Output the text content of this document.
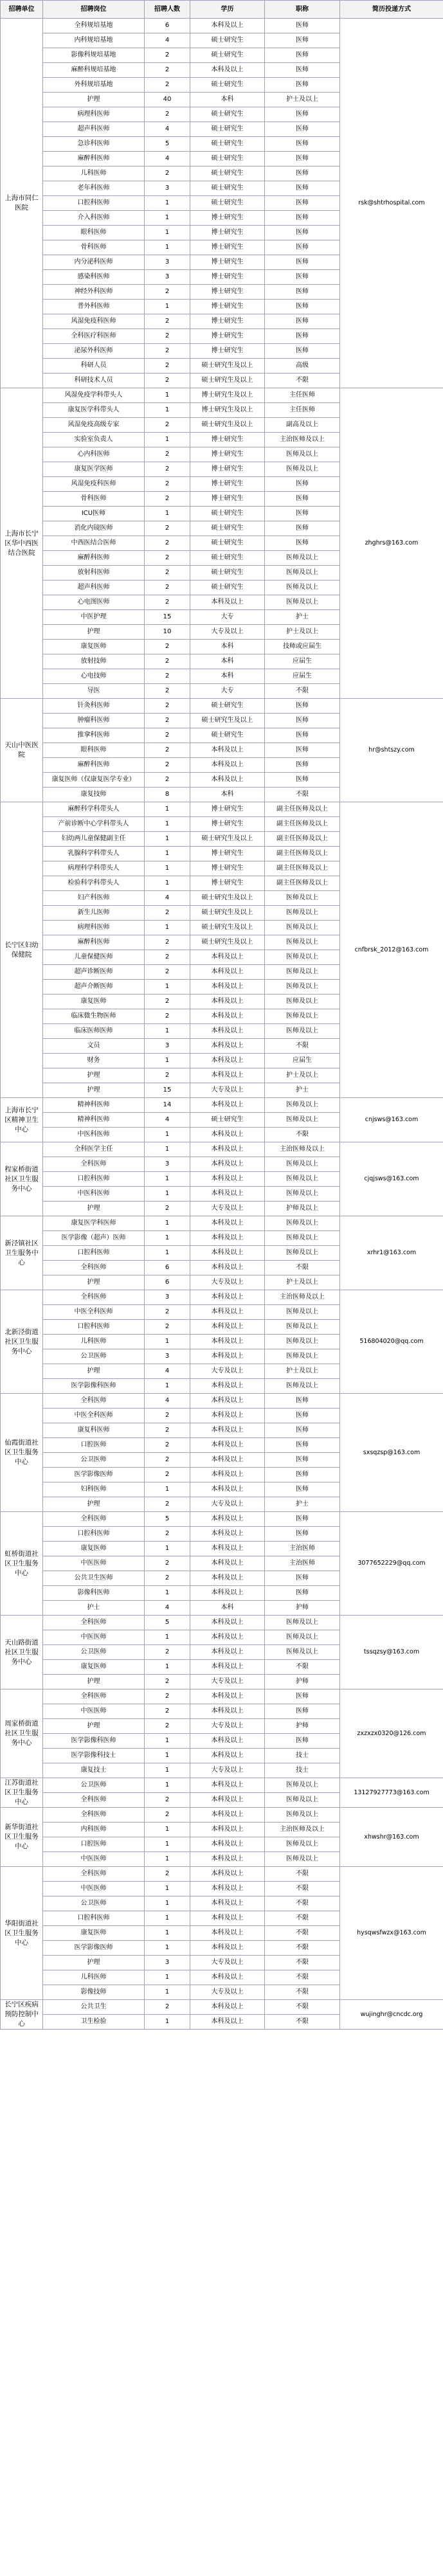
招聘单位	招聘岗位	招聘人数	学历	职称	简历投递方式
上海市同仁医院	全科规培基地	6	本科及以上	医师	rsk@shtrhospital.com
	内科规培基地	4	硕士研究生	医师	
	影像科规培基地	2	硕士研究生	医师	
	麻醉科规培基地	2	本科及以上	医师	
	外科规培基地	2	硕士研究生	医师	
	护理	40	本科	护士及以上	
	病理科医师	2	硕士研究生	医师	
	超声科医师	4	硕士研究生	医师	
	急诊科医师	5	硕士研究生	医师	
	麻醉科医师	4	硕士研究生	医师	
	儿科医师	2	硕士研究生	医师	
	老年科医师	3	硕士研究生	医师	
	口腔科医师	1	硕士研究生	医师	
	介入科医师	1	博士研究生	医师	
	眼科医师	1	博士研究生	医师	
	骨科医师	1	博士研究生	医师	
	内分泌科医师	3	博士研究生	医师	
	感染科医师	3	博士研究生	医师	
	神经外科医师	2	博士研究生	医师	
	普外科医师	1	博士研究生	医师	
	风湿免疫科医师	2	博士研究生	医师	
	全科医疗科医师	2	博士研究生	医师	
	泌尿外科医师	2	博士研究生	医师	
	科研人员	2	硕士研究生及以上	高级	
	科研技术人员	2	硕士研究生及以上	不限	
上海市长宁区华中西医结合医院	风湿免疫学科带头人	1	博士研究生及以上	主任医师	zhghrs@163.com
	康复医学科带头人	1	博士研究生及以上	主任医师	
	风湿免疫高级专家	2	硕士研究生及以上	副高及以上	
	实验室负责人	1	博士研究生	主治医师及以上	
	心内科医师	2	博士研究生	医师及以上	
	康复医学医师	2	博士研究生	医师及以上	
	风湿免疫科医师	2	博士研究生	医师	
	骨科医师	2	博士研究生	医师	
	ICU医师	1	硕士研究生	医师	
	消化内镜医师	2	硕士研究生	医师	
	中西医结合医师	2	硕士研究生	医师	
	麻醉科医师	2	硕士研究生	医师及以上	
	放射科医师	2	硕士研究生	医师及以上	
	超声科医师	2	硕士研究生	医师及以上	
	心电图医师	2	本科及以上	医师及以上	
	中医护理	15	大专	护士	
	护理	10	大专及以上	护士及以上	
	康复医师	2	本科	技师或应届生	
	放射技师	2	本科	应届生	
	心电技师	2	本科	应届生	
	导医	2	大专	不限	
天山中医医院	针灸科医师	2	硕士研究生	医师	hr@shtszy.com
	肿瘤科医师	2	硕士研究生及以上	医师	
	推拿科医师	2	硕士研究生	医师	
	眼科医师	2	本科及以上	医师	
	麻醉科医师	2	本科及以上	医师	
	康复医师（仅康复医学专业）	2	本科及以上	医师	
	康复技师	8	本科	不限	
长宁区妇幼保健院	麻醉科学科带头人	1	博士研究生	副主任医师及以上	cnfbrsk_2012@163.com
	产前诊断中心学科带头人	1	博士研究生	副主任医师及以上	
	妇幼两儿童保健副主任	1	硕士研究生及以上	副主任医师及以上	
	乳腺科学科带头人	1	博士研究生	副主任医师及以上	
	病理科学科带头人	1	博士研究生	副主任医师及以上	
	检验科学科带头人	1	博士研究生	副主任医师及以上	
	妇产科医师	4	硕士研究生及以上	医师及以上	
	新生儿医师	2	硕士研究生及以上	医师及以上	
	病理科医师	1	硕士研究生及以上	医师及以上	
	麻醉科医师	2	硕士研究生及以上	医师及以上	
	儿童保健医师	2	本科及以上	医师及以上	
	超声诊断医师	2	本科及以上	医师及以上	
	超声介断医师	1	本科及以上	医师及以上	
	康复医师	2	本科及以上	医师及以上	
	临床微生物医师	2	本科及以上	医师及以上	
	临床医师医师	1	本科及以上	医师及以上	
	文员	3	本科及以上	不限	
	财务	1	本科及以上	应届生	
	护理	2	本科及以上	护士及以上	
	护理	15	大专及以上	护士	
上海市长宁区精神卫生中心	精神科医师	14	本科及以上	医师及以上	cnjsws@163.com
	精神科医师	4	硕士研究生	医师及以上	
	中医科医师	1	本科及以上	不限	
程家桥街道社区卫生服务中心	全科医学主任	1	本科及以上	主治医师及以上	cjqjsws@163.com
	全科医师	3	本科及以上	医师及以上	
	口腔科医师	1	本科及以上	医师及以上	
	中医科医师	1	本科及以上	医师及以上	
	护理	2	大专及以上	护师及以上	
新泾镇社区卫生服务中心	康复医学科医师	1	本科及以上	医师及以上	xrhr1@163.com
	医学影像（超声）医师	1	本科及以上	医师及以上	
	口腔科医师	1	本科及以上	医师及以上	
	全科医师	6	本科及以上	不限	
	护理	6	大专及以上	护士及以上	
北新泾街道社区卫生服务中心	全科医师	3	本科及以上	主治医师及以上	516804020@qq.com
	中医全科医师	2	本科及以上	医师及以上	
	口腔科医师	2	本科及以上	医师及以上	
	儿科医师	1	本科及以上	医师及以上	
	公卫医师	3	本科及以上	医师及以上	
	护理	4	大专及以上	护士及以上	
	医学影像科医师	1	本科及以上	医师及以上	
仙霞街道社区卫生服务中心	全科医师	4	本科及以上	医师	sxsqzsp@163.com
	中医全科医师	2	本科及以上	医师	
	康复科医师	2	本科及以上	医师	
	口腔医师	2	本科及以上	医师	
	公卫医师	2	本科及以上	医师	
	医学影像医师	2	本科及以上	医师	
	妇科医师	1	本科及以上	医师	
	护理	2	大专及以上	护士	
虹桥街道社区卫生服务中心	全科医师	5	本科及以上	医师	3077652229@qq.com
	口腔科医师	2	本科及以上	医师	
	康复医师	1	本科及以上	主治医师	
	中医医师	2	本科及以上	主治医师	
	公共卫生医师	2	本科及以上	医师	
	影像科医师	1	本科及以上	医师	
	护士	4	本科	护师	
天山路街道社区卫生服务中心	全科医师	5	本科及以上	医师及以上	tssqzsy@163.com
	中医医师	1	本科及以上	医师及以上	
	公卫医师	2	本科及以上	医师及以上	
	康复医师	1	本科及以上	不限	
	护理	2	大专及以上	护师	
周家桥街道社区卫生服务中心	全科医师	2	本科及以上	医师	zxzxzx0320@126.com
	中医医师	2	本科及以上	医师	
	护理	2	大专及以上	护师	
	医学影像科医师	1	本科及以上	医师	
	医学影像科技士	1	本科及以上	技士	
	康复技士	1	大专及以上	技士	
江苏街道社区卫生服务中心	公卫医师	1	本科及以上	医师及以上	13127927773@163.com
	全科医师	2	本科及以上	医师及以上	
新华街道社区卫生服务中心	全科医师	2	本科及以上	医师及以上	xhwshr@163.com
	内科医师	1	本科及以上	主治医师及以上	
	口腔医师	1	本科及以上	医师及以上	
	中医医师	1	本科及以上	医师及以上	
华阳街道社区卫生服务中心	全科医师	2	本科及以上	不限	hysqwsfwzx@163.com
	中医医师	1	本科及以上	不限	
	公卫医师	1	本科及以上	不限	
	口腔科医师	1	本科及以上	不限	
	康复医师	1	本科及以上	不限	
	医学影像医师	1	本科及以上	不限	
	护理	3	大专及以上	不限	
	儿科医师	1	本科及以上	不限	
	影像技师	1	大专及以上	不限	
长宁区疾病预防控制中心	公共卫生	2	本科及以上	不限	wujinghr@cncdc.org
	卫生检验	1	本科及以上	不限	
